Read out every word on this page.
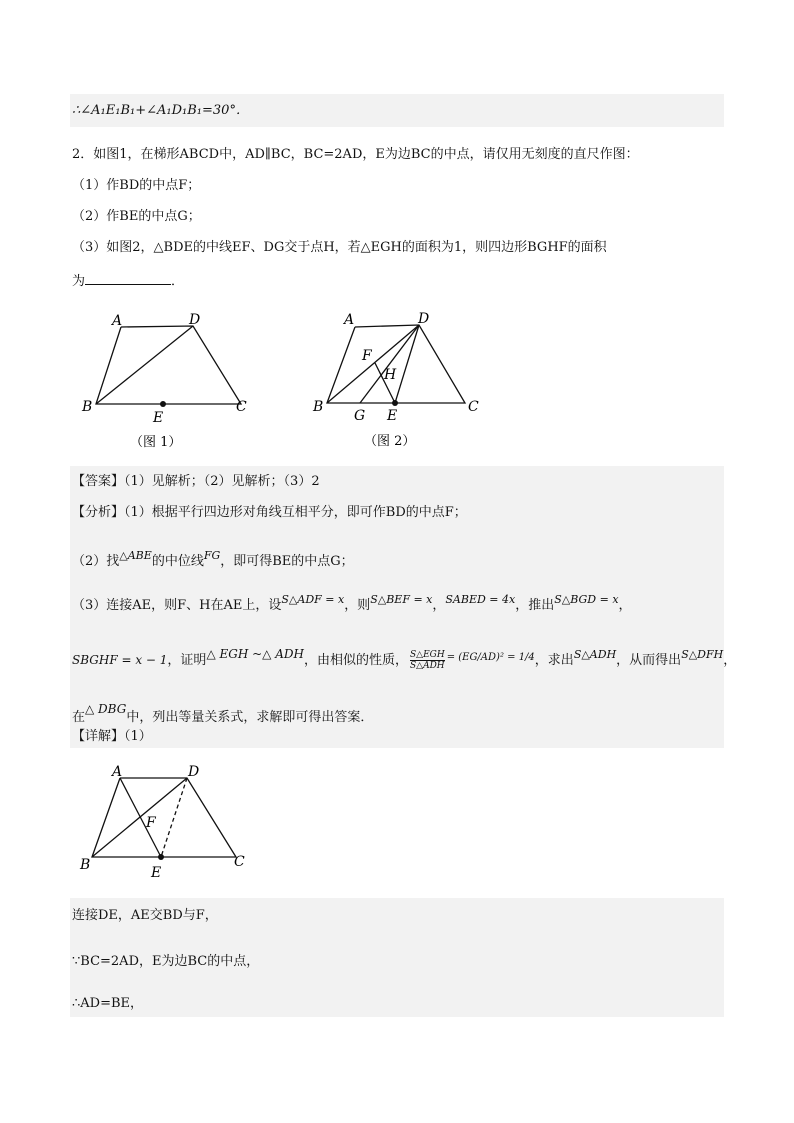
∴∠A₁E₁B₁+∠A₁D₁B₁=30°．
2．如图1，在梯形ABCD中，AD∥BC，BC=2AD，E为边BC的中点，请仅用无刻度的直尺作图：
（1）作BD的中点F；
（2）作BE的中点G；
（3）如图2，△BDE的中线EF、DG交于点H，若△EGH的面积为1，则四边形BGHF的面积
为	．
A	D
B
E
C
（图 1）
A	D
F
H
B
G E
C
（图 2）
【答案】（1）见解析；（2）见解析；（3）2
【分析】（1）根据平行四边形对角线互相平分，即可作BD的中点F；
（2）找$^{\triangle ABE}$的中位线$^{FG}$，即可得BE的中点G；
（3）连接AE，则F、H在AE上，设$^{S\triangle ADF = x}$，则$^{S\triangle BEF = x}$，$^{SABED = 4x}$，推出$^{S\triangle BGD = x}$，
SBGHF = x − 1，证明△ EGH ~△ ADH，由相似的性质， $\frac{\text{S△EGH}}{\text{S△ADH}} ^{= (EG/AD)^2 = 1/4}$，求出$^{S\triangle ADH}$，从而得出$^{S\triangle DFH}$，
在△ DBG中，列出等量关系式，求解即可得出答案．
【详解】（1）
A	D
F
B	E
C
连接DE，AE交BD与F，
∵BC=2AD，E为边BC的中点，
∴AD=BE，
